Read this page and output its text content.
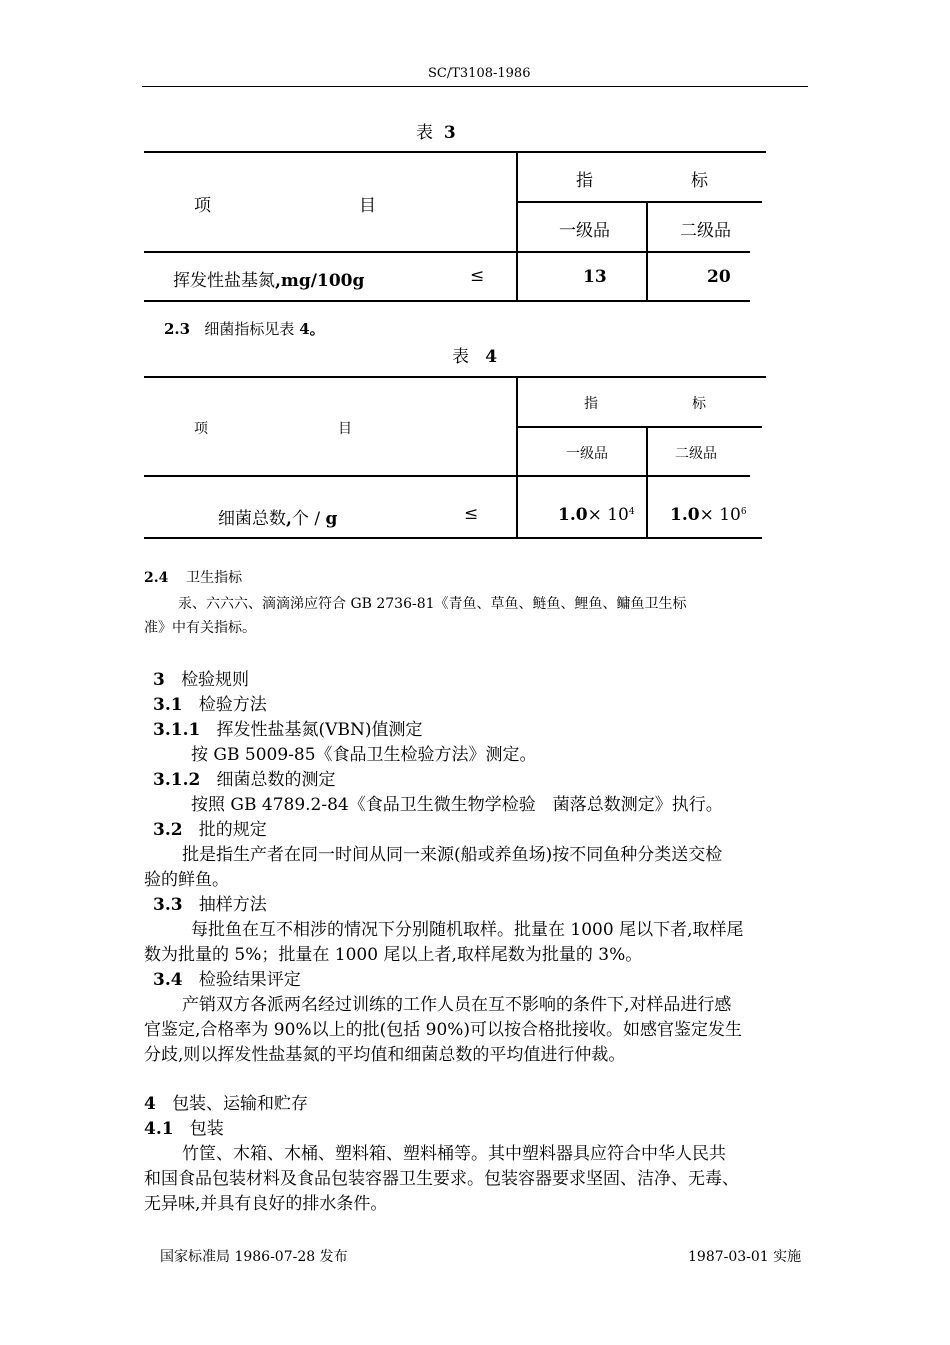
SC/T3108-1986
表 3
项	目
指	标
一级品	二级品
挥发性盐基氮,mg/100g	≤	13	20
2.3 细菌指标见表 4。
表 4
项	目
指	标
一级品	二级品
细菌总数,个 / g	≤	$1.0\times 10^4$ $1.0\times 10^6$
2.4 卫生指标
汞、六六六、滴滴涕应符合 GB 2736-81《青鱼、草鱼、鲢鱼、鲤鱼、鳙鱼卫生标
准》中有关指标。
3 检验规则
3.1 检验方法
3.1.1 挥发性盐基氮(VBN)值测定
按 GB 5009-85《食品卫生检验方法》测定。
3.1.2 细菌总数的测定
按照 GB 4789.2-84《食品卫生微生物学检验　菌落总数测定》执行。
3.2 批的规定
批是指生产者在同一时间从同一来源(船或养鱼场)按不同鱼种分类送交检
验的鲜鱼。
3.3 抽样方法
每批鱼在互不相涉的情况下分别随机取样。批量在 1000 尾以下者,取样尾
数为批量的 5%；批量在 1000 尾以上者,取样尾数为批量的 3%。
3.4 检验结果评定
产销双方各派两名经过训练的工作人员在互不影响的条件下,对样品进行感
官鉴定,合格率为 90%以上的批(包括 90%)可以按合格批接收。如感官鉴定发生
分歧,则以挥发性盐基氮的平均值和细菌总数的平均值进行仲裁。
4 包装、运输和贮存
4.1 包装
竹筐、木箱、木桶、塑料箱、塑料桶等。其中塑料器具应符合中华人民共
和国食品包装材料及食品包装容器卫生要求。包装容器要求坚固、洁净、无毒、
无异味,并具有良好的排水条件。
国家标准局 1986-07-28 发布	1987-03-01 实施
